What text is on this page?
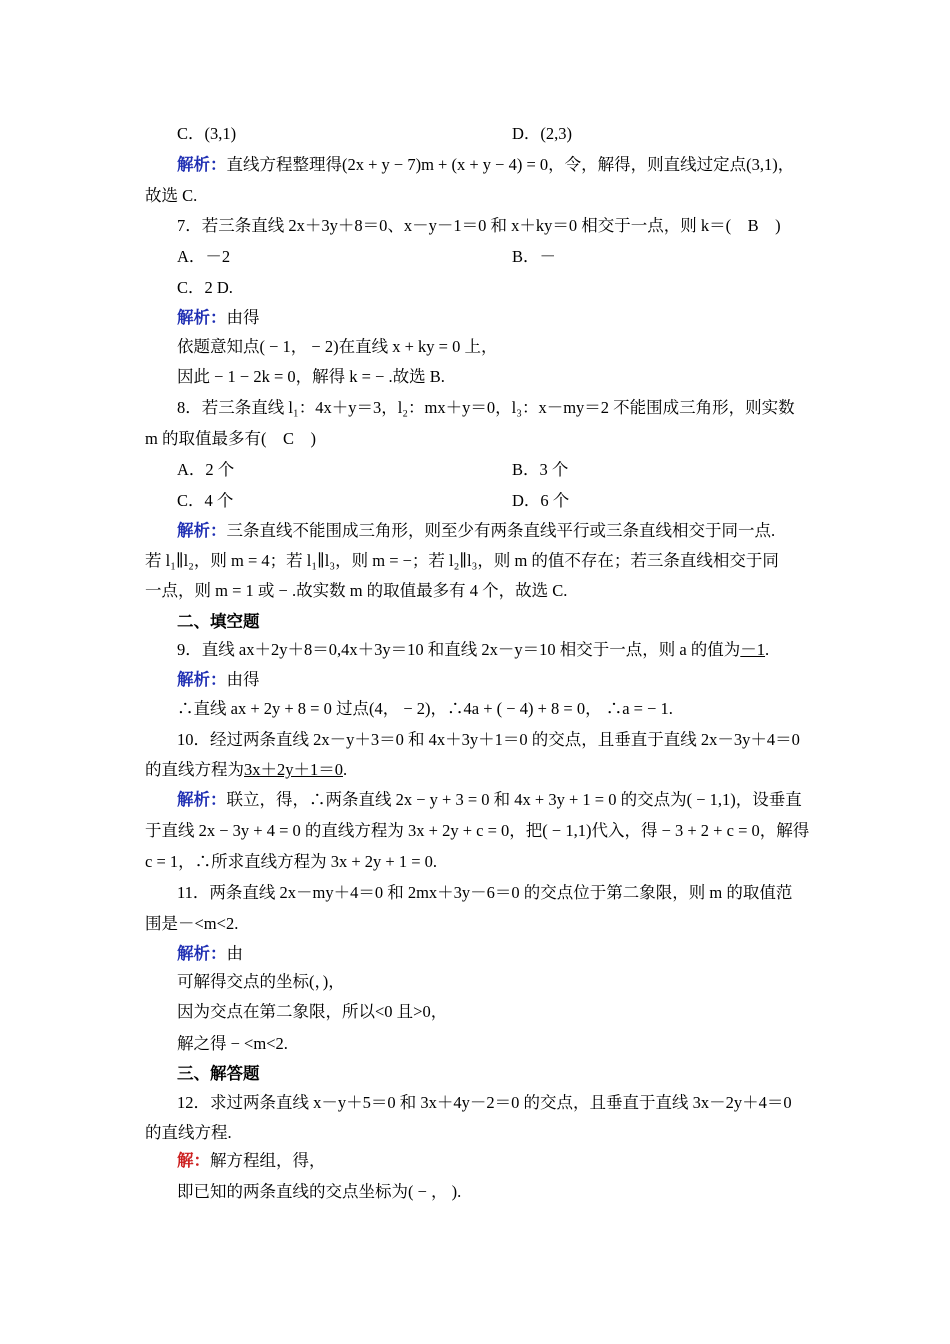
C．(3,1)	D．(2,3)
解析：直线方程整理得(2x + y − 7)m + (x + y − 4) = 0，令，解得，则直线过定点(3,1)，
故选 C.
7．若三条直线 2x＋3y＋8＝0、x－y－1＝0 和 x＋ky＝0 相交于一点，则 k＝(　B　)
A．－2	B．－
C．2 D.
解析：由得
依题意知点( − 1， − 2)在直线 x + ky = 0 上，
因此 − 1 − 2k = 0，解得 k = − .故选 B.
8．若三条直线 l₁：4x＋y＝3，l₂：mx＋y＝0，l₃：x－my＝2 不能围成三角形，则实数
m 的取值最多有(　C　)
A．2 个	B．3 个
C．4 个	D．6 个
解析：三条直线不能围成三角形，则至少有两条直线平行或三条直线相交于同一点.
若 l₁∥l₂，则 m = 4；若 l₁∥l₃，则 m = −；若 l₂∥l₃，则 m 的值不存在；若三条直线相交于同
一点，则 m = 1 或 − .故实数 m 的取值最多有 4 个，故选 C.
二、填空题
9．直线 ax＋2y＋8＝0,4x＋3y＝10 和直线 2x－y＝10 相交于一点，则 a 的值为－1.
解析：由得
∴直线 ax + 2y + 8 = 0 过点(4， − 2)，∴4a + ( − 4) + 8 = 0， ∴a = − 1.
10．经过两条直线 2x－y＋3＝0 和 4x＋3y＋1＝0 的交点，且垂直于直线 2x－3y＋4＝0
的直线方程为3x＋2y＋1＝0.
解析：联立，得，∴两条直线 2x − y + 3 = 0 和 4x + 3y + 1 = 0 的交点为( − 1,1)，设垂直
于直线 2x − 3y + 4 = 0 的直线方程为 3x + 2y + c = 0，把( − 1,1)代入，得 − 3 + 2 + c = 0，解得
c = 1，∴所求直线方程为 3x + 2y + 1 = 0.
11．两条直线 2x－my＋4＝0 和 2mx＋3y－6＝0 的交点位于第二象限，则 m 的取值范
围是－<m<2.
解析：由
可解得交点的坐标(，)，
因为交点在第二象限，所以<0 且>0，
解之得 − <m<2.
三、解答题
12．求过两条直线 x－y＋5＝0 和 3x＋4y－2＝0 的交点，且垂直于直线 3x－2y＋4＝0
的直线方程.
解：解方程组，得，
即已知的两条直线的交点坐标为( − ， ).
